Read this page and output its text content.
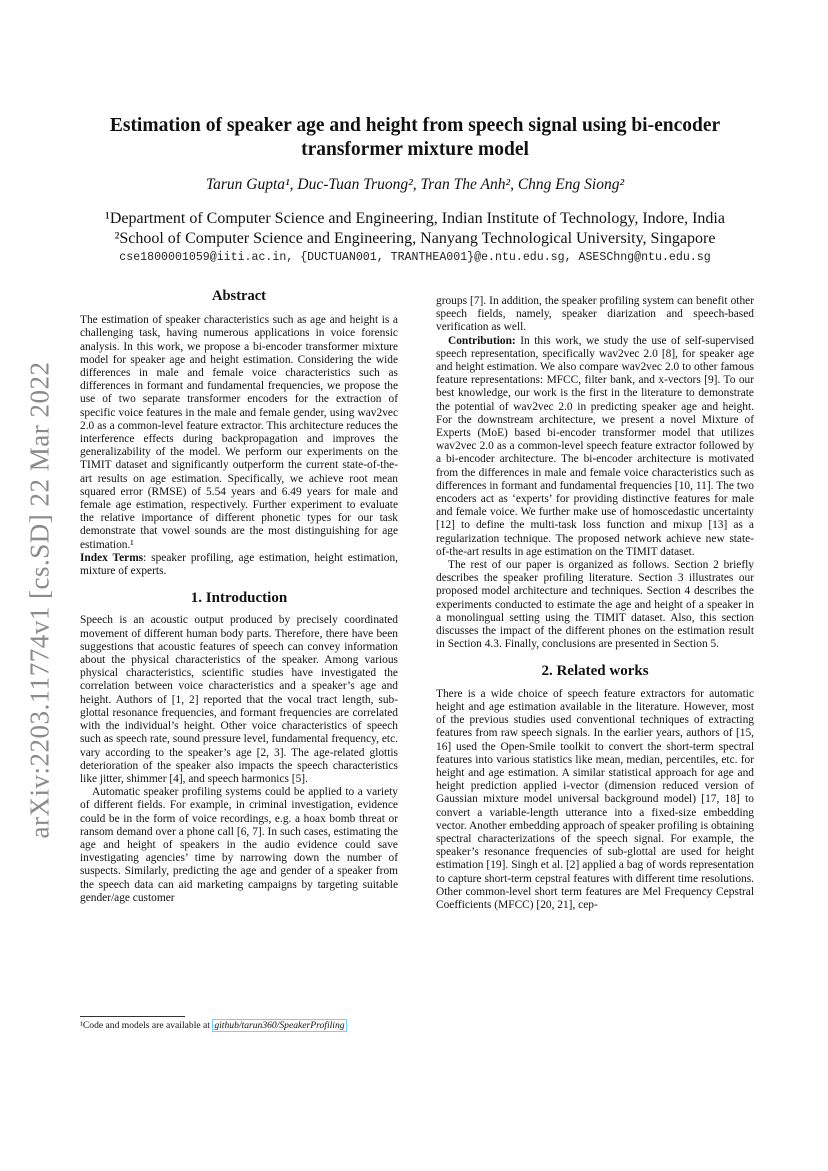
arXiv:2203.11774v1 [cs.SD] 22 Mar 2022
Estimation of speaker age and height from speech signal using bi-encoder
transformer mixture model
Tarun Gupta¹, Duc-Tuan Truong², Tran The Anh², Chng Eng Siong²
¹Department of Computer Science and Engineering, Indian Institute of Technology, Indore, India
²School of Computer Science and Engineering, Nanyang Technological University, Singapore
cse1800001059@iiti.ac.in, {DUCTUAN001, TRANTHEA001}@e.ntu.edu.sg, ASESChng@ntu.edu.sg
Abstract

The estimation of speaker characteristics such as age and height is a challenging task, having numerous applications in voice forensic analysis. In this work, we propose a bi-encoder transformer mixture model for speaker age and height estimation. Considering the wide differences in male and female voice characteristics such as differences in formant and fundamental frequencies, we propose the use of two separate transformer encoders for the extraction of specific voice features in the male and female gender, using wav2vec 2.0 as a common-level feature extractor. This architecture reduces the interference effects during backpropagation and improves the generalizability of the model. We perform our experiments on the TIMIT dataset and significantly outperform the current state-of-the-art results on age estimation. Specifically, we achieve root mean squared error (RMSE) of 5.54 years and 6.49 years for male and female age estimation, respectively. Further experiment to evaluate the relative importance of different phonetic types for our task demonstrate that vowel sounds are the most distinguishing for age estimation.¹

Index Terms: speaker profiling, age estimation, height estimation, mixture of experts.

1. Introduction

Speech is an acoustic output produced by precisely coordinated movement of different human body parts. Therefore, there have been suggestions that acoustic features of speech can convey information about the physical characteristics of the speaker. Among various physical characteristics, scientific studies have investigated the correlation between voice characteristics and a speaker’s age and height. Authors of [1, 2] reported that the vocal tract length, sub-glottal resonance frequencies, and formant frequencies are correlated with the individual’s height. Other voice characteristics of speech such as speech rate, sound pressure level, fundamental frequency, etc. vary according to the speaker’s age [2, 3]. The age-related glottis deterioration of the speaker also impacts the speech characteristics like jitter, shimmer [4], and speech harmonics [5].

Automatic speaker profiling systems could be applied to a variety of different fields. For example, in criminal investigation, evidence could be in the form of voice recordings, e.g. a hoax bomb threat or ransom demand over a phone call [6, 7]. In such cases, estimating the age and height of speakers in the audio evidence could save investigating agencies’ time by narrowing down the number of suspects. Similarly, predicting the age and gender of a speaker from the speech data can aid marketing campaigns by targeting suitable gender/age customer

groups [7]. In addition, the speaker profiling system can benefit other speech fields, namely, speaker diarization and speech-based verification as well.

Contribution: In this work, we study the use of self-supervised speech representation, specifically wav2vec 2.0 [8], for speaker age and height estimation. We also compare wav2vec 2.0 to other famous feature representations: MFCC, filter bank, and x-vectors [9]. To our best knowledge, our work is the first in the literature to demonstrate the potential of wav2vec 2.0 in predicting speaker age and height. For the downstream architecture, we present a novel Mixture of Experts (MoE) based bi-encoder transformer model that utilizes wav2vec 2.0 as a common-level speech feature extractor followed by a bi-encoder architecture. The bi-encoder architecture is motivated from the differences in male and female voice characteristics such as differences in formant and fundamental frequencies [10, 11]. The two encoders act as ‘experts’ for providing distinctive features for male and female voice. We further make use of homoscedastic uncertainty [12] to define the multi-task loss function and mixup [13] as a regularization technique. The proposed network achieve new state-of-the-art results in age estimation on the TIMIT dataset.

The rest of our paper is organized as follows. Section 2 briefly describes the speaker profiling literature. Section 3 illustrates our proposed model architecture and techniques. Section 4 describes the experiments conducted to estimate the age and height of a speaker in a monolingual setting using the TIMIT dataset. Also, this section discusses the impact of the different phones on the estimation result in Section 4.3. Finally, conclusions are presented in Section 5.

2. Related works

There is a wide choice of speech feature extractors for automatic height and age estimation available in the literature. However, most of the previous studies used conventional techniques of extracting features from raw speech signals. In the earlier years, authors of [15, 16] used the Open-Smile toolkit to convert the short-term spectral features into various statistics like mean, median, percentiles, etc. for height and age estimation. A similar statistical approach for age and height prediction applied i-vector (dimension reduced version of Gaussian mixture model universal background model) [17, 18] to convert a variable-length utterance into a fixed-size embedding vector. Another embedding approach of speaker profiling is obtaining spectral characterizations of the speech signal. For example, the speaker’s resonance frequencies of sub-glottal are used for height estimation [19]. Singh et al. [2] applied a bag of words representation to capture short-term cepstral features with different time resolutions. Other common-level short term features are Mel Frequency Cepstral Coefficients (MFCC) [20, 21], cep-

¹Code and models are available at github/tarun360/SpeakerProfiling
